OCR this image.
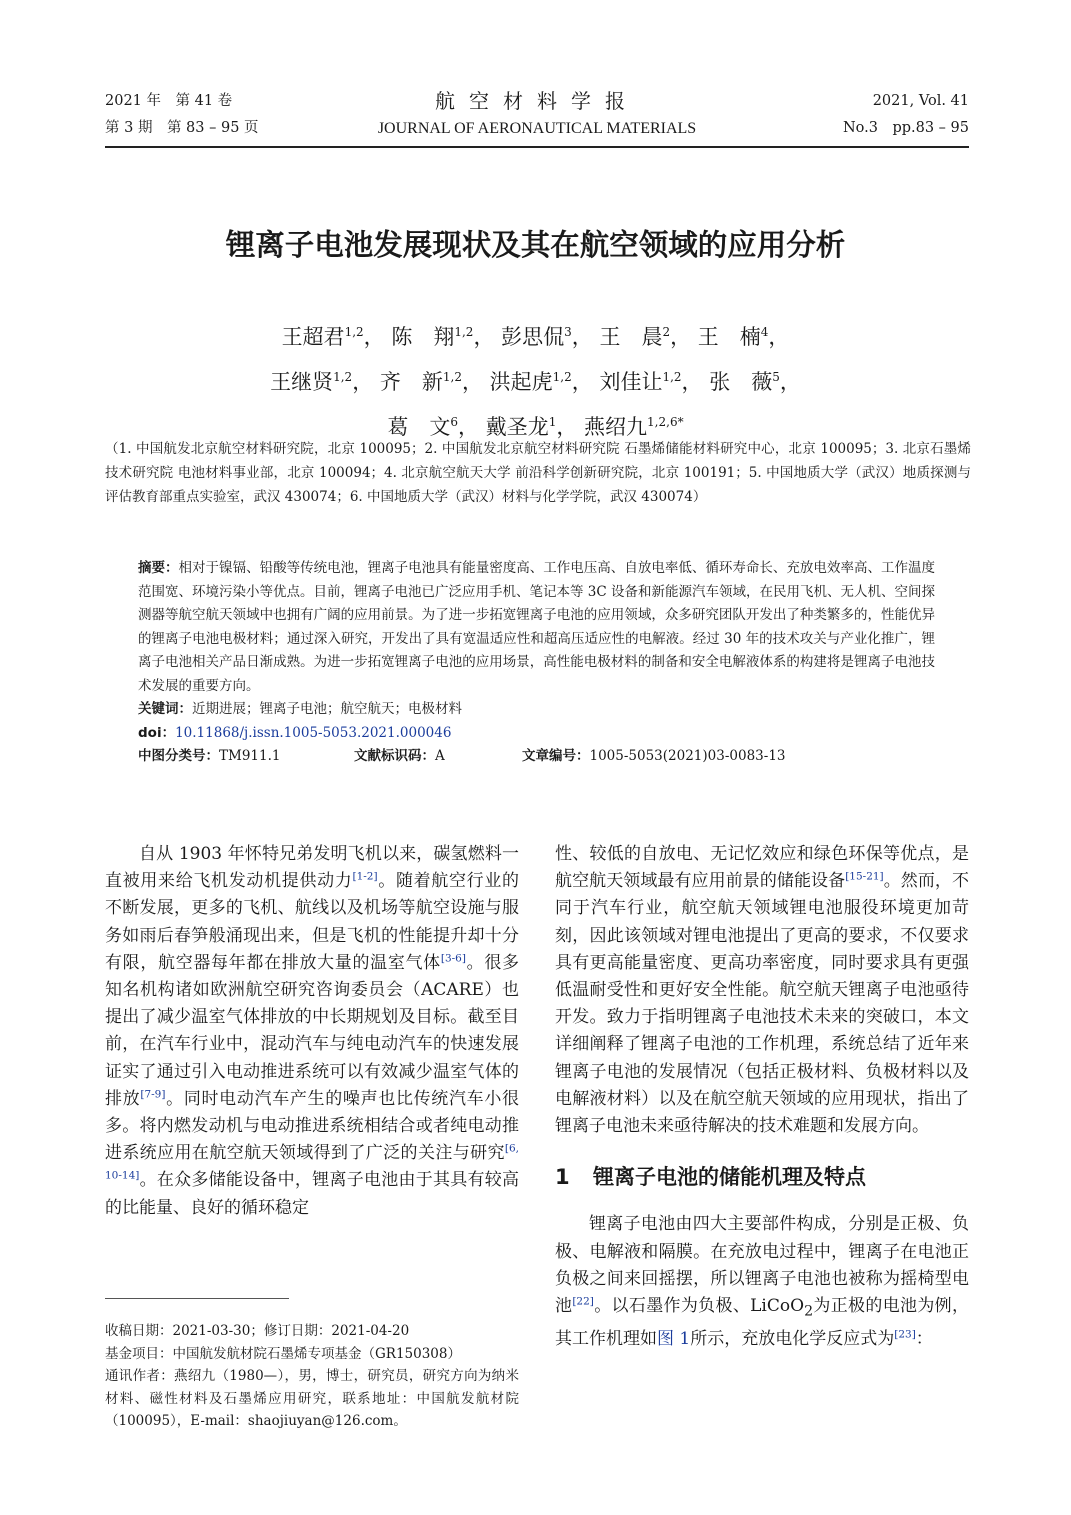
2021 年　第 41 卷
第 3 期　第 83 – 95 页
航空材料学报
JOURNAL OF AERONAUTICAL MATERIALS
2021, Vol. 41
No.3　pp.83 – 95
锂离子电池发展现状及其在航空领域的应用分析
王超君$^{1,2}$， 陈　翔$^{1,2}$， 彭思侃$^3$， 王　晨$^2$， 王　楠$^4$，
王继贤$^{1,2}$， 齐　新$^{1,2}$， 洪起虎$^{1,2}$， 刘佳让$^{1,2}$， 张　薇$^5$，
葛　文$^6$， 戴圣龙$^1$， 燕绍九$^{1,2,6*}$
（1. 中国航发北京航空材料研究院，北京 100095；2. 中国航发北京航空材料研究院 石墨烯储能材料研究中心，北京 100095；3. 北京石墨烯技术研究院 电池材料事业部，北京 100094；4. 北京航空航天大学 前沿科学创新研究院，北京 100191；5. 中国地质大学（武汉）地质探测与评估教育部重点实验室，武汉 430074；6. 中国地质大学（武汉）材料与化学学院，武汉 430074）
摘要：相对于镍镉、铅酸等传统电池，锂离子电池具有能量密度高、工作电压高、自放电率低、循环寿命长、充放电效率高、工作温度范围宽、环境污染小等优点。目前，锂离子电池已广泛应用手机、笔记本等 3C 设备和新能源汽车领域，在民用飞机、无人机、空间探测器等航空航天领域中也拥有广阔的应用前景。为了进一步拓宽锂离子电池的应用领域，众多研究团队开发出了种类繁多的，性能优异的锂离子电池电极材料；通过深入研究，开发出了具有宽温适应性和超高压适应性的电解液。经过 30 年的技术攻关与产业化推广，锂离子电池相关产品日渐成熟。为进一步拓宽锂离子电池的应用场景，高性能电极材料的制备和安全电解液体系的构建将是锂离子电池技术发展的重要方向。
关键词：近期进展；锂离子电池；航空航天；电极材料
doi：10.11868/j.issn.1005-5053.2021.000046
中图分类号：TM911.1	文献标识码：A	文章编号：1005-5053(2021)03-0083-13

自从 1903 年怀特兄弟发明飞机以来，碳氢燃料一直被用来给飞机发动机提供动力[1-2]。随着航空行业的不断发展，更多的飞机、航线以及机场等航空设施与服务如雨后春笋般涌现出来，但是飞机的性能提升却十分有限，航空器每年都在排放大量的温室气体[3-6]。很多知名机构诸如欧洲航空研究咨询委员会（ACARE）也提出了减少温室气体排放的中长期规划及目标。截至目前，在汽车行业中，混动汽车与纯电动汽车的快速发展证实了通过引入电动推进系统可以有效减少温室气体的排放[7-9]。同时电动汽车产生的噪声也比传统汽车小很多。将内燃发动机与电动推进系统相结合或者纯电动推进系统应用在航空航天领域得到了广泛的关注与研究[6, 10-14]。在众多储能设备中，锂离子电池由于其具有较高的比能量、良好的循环稳定

性、较低的自放电、无记忆效应和绿色环保等优点，是航空航天领域最有应用前景的储能设备[15-21]。然而，不同于汽车行业，航空航天领域锂电池服役环境更加苛刻，因此该领域对锂电池提出了更高的要求，不仅要求具有更高能量密度、更高功率密度，同时要求具有更强低温耐受性和更好安全性能。航空航天锂离子电池亟待开发。致力于指明锂离子电池技术未来的突破口，本文详细阐释了锂离子电池的工作机理，系统总结了近年来锂离子电池的发展情况（包括正极材料、负极材料以及电解液材料）以及在航空航天领域的应用现状，指出了锂离子电池未来亟待解决的技术难题和发展方向。

1 锂离子电池的储能机理及特点

锂离子电池由四大主要部件构成，分别是正极、负极、电解液和隔膜。在充放电过程中，锂离子在电池正负极之间来回摇摆，所以锂离子电池也被称为摇椅型电池[22]。以石墨作为负极、LiCoO$_2$为正极的电池为例，其工作机理如图 1所示，充放电化学反应式为[23]：

收稿日期：2021-03-30；修订日期：2021-04-20
基金项目：中国航发航材院石墨烯专项基金（GR150308）
通讯作者：燕绍九（1980—），男，博士，研究员，研究方向为纳米材料、磁性材料及石墨烯应用研究，联系地址：中国航发航材院（100095），E-mail：shaojiuyan@126.com。
